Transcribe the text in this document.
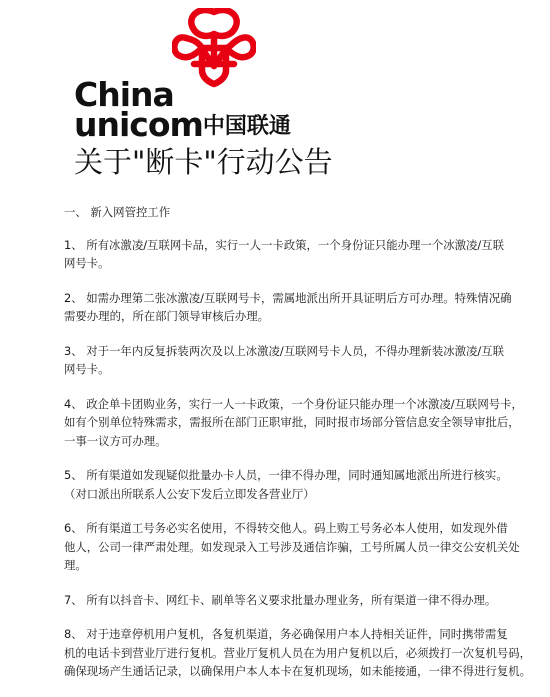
China
unicom中国联通
关于"断卡"行动公告
一、 新入网管控工作

1、 所有冰激凌/互联网卡品，实行一人一卡政策，一个身份证只能办理一个冰激凌/互联

网号卡。

2、 如需办理第二张冰激凌/互联网号卡，需属地派出所开具证明后方可办理。特殊情况确

需要办理的，所在部门领导审核后办理。

3、 对于一年内反复拆装两次及以上冰激凌/互联网号卡人员，不得办理新装冰激凌/互联

网号卡。

4、 政企单卡团购业务，实行一人一卡政策，一个身份证只能办理一个冰激凌/互联网号卡，

如有个别单位特殊需求，需报所在部门正职审批，同时报市场部分管信息安全领导审批后，

一事一议方可办理。

5、 所有渠道如发现疑似批量办卡人员，一律不得办理，同时通知属地派出所进行核实。

（对口派出所联系人公安下发后立即发各营业厅）

6、 所有渠道工号务必实名使用，不得转交他人。码上购工号务必本人使用，如发现外借

他人，公司一律严肃处理。如发现录入工号涉及通信诈骗，工号所属人员一律交公安机关处

理。

7、 所有以抖音卡、网红卡、刷单等名义要求批量办理业务，所有渠道一律不得办理。

8、 对于违章停机用户复机，各复机渠道，务必确保用户本人持相关证件，同时携带需复

机的电话卡到营业厅进行复机。营业厅复机人员在为用户复机以后，必须拨打一次复机号码，

确保现场产生通话记录，以确保用户本人本卡在复机现场，如未能接通，一律不得进行复机。
